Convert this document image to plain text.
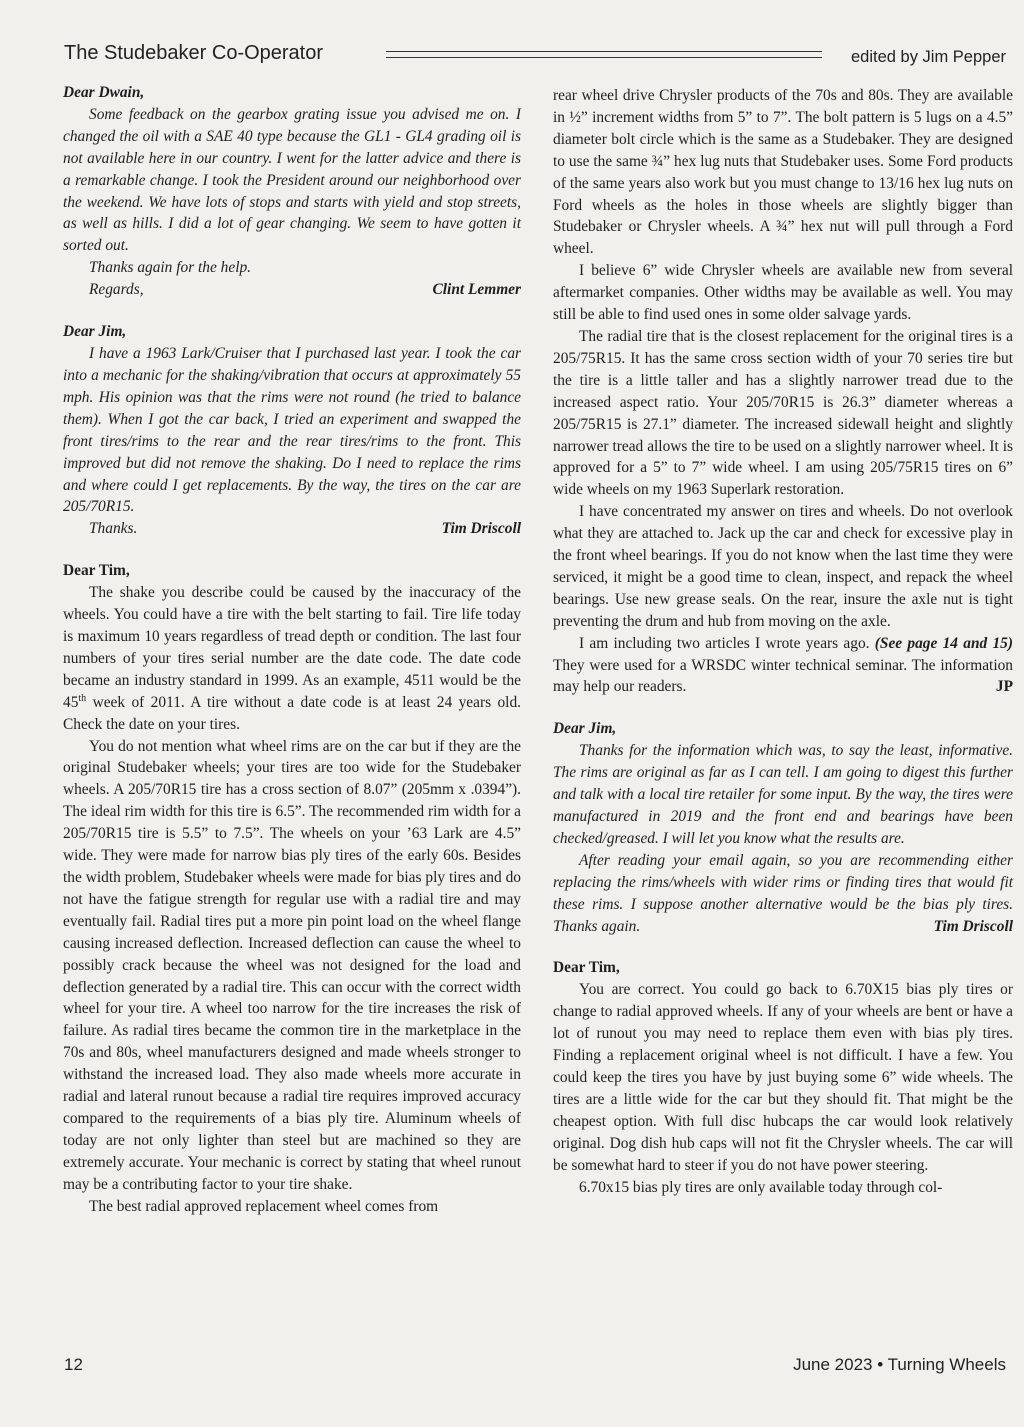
The Studebaker Co-Operator	edited by Jim Pepper

Dear Dwain,

Some feedback on the gearbox grating issue you advised me on. I changed the oil with a SAE 40 type because the GL1 - GL4 grading oil is not available here in our country. I went for the latter advice and there is a remarkable change. I took the President around our neighborhood over the weekend. We have lots of stops and starts with yield and stop streets, as well as hills. I did a lot of gear changing. We seem to have gotten it sorted out.

Thanks again for the help.

Regards,	Clint Lemmer

Dear Jim,

I have a 1963 Lark/Cruiser that I purchased last year. I took the car into a mechanic for the shaking/vibration that occurs at approximately 55 mph. His opinion was that the rims were not round (he tried to balance them). When I got the car back, I tried an experiment and swapped the front tires/rims to the rear and the rear tires/rims to the front. This improved but did not remove the shaking. Do I need to replace the rims and where could I get replacements. By the way, the tires on the car are 205/70R15.

Thanks.	Tim Driscoll

Dear Tim,

The shake you describe could be caused by the inaccuracy of the wheels. You could have a tire with the belt starting to fail. Tire life today is maximum 10 years regardless of tread depth or condition. The last four numbers of your tires serial number are the date code. The date code became an industry standard in 1999. As an example, 4511 would be the 45th week of 2011. A tire without a date code is at least 24 years old. Check the date on your tires.

You do not mention what wheel rims are on the car but if they are the original Studebaker wheels; your tires are too wide for the Studebaker wheels. A 205/70R15 tire has a cross section of 8.07” (205mm x .0394”). The ideal rim width for this tire is 6.5”. The recommended rim width for a 205/70R15 tire is 5.5” to 7.5”. The wheels on your ’63 Lark are 4.5” wide. They were made for narrow bias ply tires of the early 60s. Besides the width problem, Studebaker wheels were made for bias ply tires and do not have the fatigue strength for regular use with a radial tire and may eventually fail. Radial tires put a more pin point load on the wheel flange causing increased deflection. Increased deflection can cause the wheel to possibly crack because the wheel was not designed for the load and deflection generated by a radial tire. This can occur with the correct width wheel for your tire. A wheel too narrow for the tire increases the risk of failure. As radial tires became the common tire in the marketplace in the 70s and 80s, wheel manufacturers designed and made wheels stronger to withstand the increased load. They also made wheels more accurate in radial and lateral runout because a radial tire requires improved accuracy compared to the requirements of a bias ply tire. Aluminum wheels of today are not only lighter than steel but are machined so they are extremely accurate. Your mechanic is correct by stating that wheel runout may be a contributing factor to your tire shake.

The best radial approved replacement wheel comes from

rear wheel drive Chrysler products of the 70s and 80s. They are available in ½” increment widths from 5” to 7”. The bolt pattern is 5 lugs on a 4.5” diameter bolt circle which is the same as a Studebaker. They are designed to use the same ¾” hex lug nuts that Studebaker uses. Some Ford products of the same years also work but you must change to 13/16 hex lug nuts on Ford wheels as the holes in those wheels are slightly bigger than Studebaker or Chrysler wheels. A ¾” hex nut will pull through a Ford wheel.

I believe 6” wide Chrysler wheels are available new from several aftermarket companies. Other widths may be available as well. You may still be able to find used ones in some older salvage yards.

The radial tire that is the closest replacement for the original tires is a 205/75R15. It has the same cross section width of your 70 series tire but the tire is a little taller and has a slightly narrower tread due to the increased aspect ratio. Your 205/70R15 is 26.3” diameter whereas a 205/75R15 is 27.1” diameter. The increased sidewall height and slightly narrower tread allows the tire to be used on a slightly narrower wheel. It is approved for a 5” to 7” wide wheel. I am using 205/75R15 tires on 6” wide wheels on my 1963 Superlark restoration.

I have concentrated my answer on tires and wheels. Do not overlook what they are attached to. Jack up the car and check for excessive play in the front wheel bearings. If you do not know when the last time they were serviced, it might be a good time to clean, inspect, and repack the wheel bearings. Use new grease seals. On the rear, insure the axle nut is tight preventing the drum and hub from moving on the axle.

I am including two articles I wrote years ago. (See page 14 and 15) They were used for a WRSDC winter technical seminar. The information may help our readers.	JP

Dear Jim,

Thanks for the information which was, to say the least, informative. The rims are original as far as I can tell. I am going to digest this further and talk with a local tire retailer for some input. By the way, the tires were manufactured in 2019 and the front end and bearings have been checked/greased. I will let you know what the results are.

After reading your email again, so you are recommending either replacing the rims/wheels with wider rims or finding tires that would fit these rims. I suppose another alternative would be the bias ply tires. Thanks again.	Tim Driscoll

Dear Tim,

You are correct. You could go back to 6.70X15 bias ply tires or change to radial approved wheels. If any of your wheels are bent or have a lot of runout you may need to replace them even with bias ply tires. Finding a replacement original wheel is not difficult. I have a few. You could keep the tires you have by just buying some 6” wide wheels. The tires are a little wide for the car but they should fit. That might be the cheapest option. With full disc hubcaps the car would look relatively original. Dog dish hub caps will not fit the Chrysler wheels. The car will be somewhat hard to steer if you do not have power steering.

6.70x15 bias ply tires are only available today through col-

12	June 2023 • Turning Wheels
